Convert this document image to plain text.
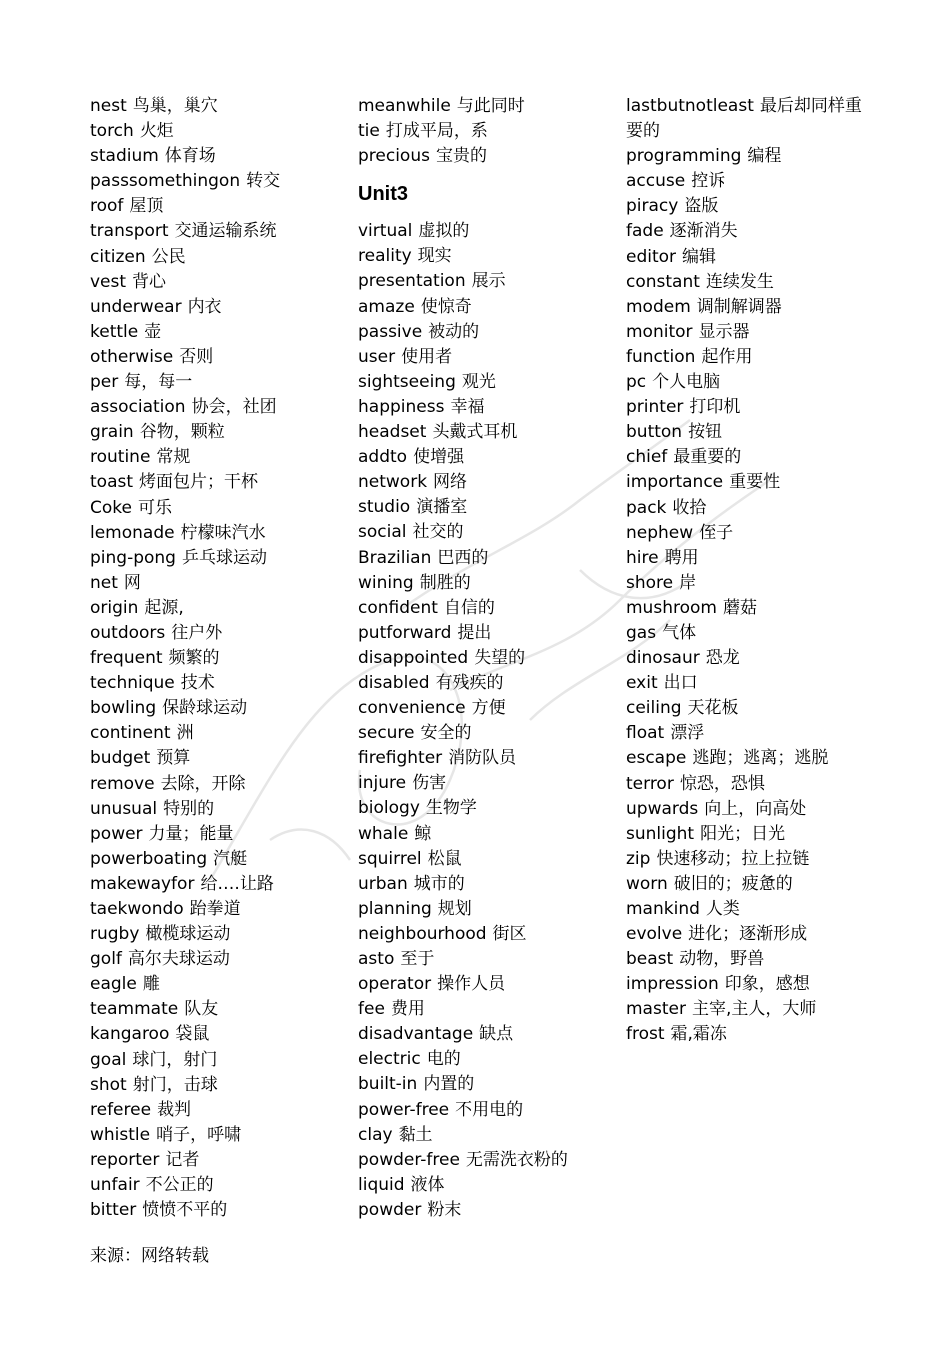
nest 鸟巢，巢穴
torch 火炬
stadium 体育场
passsomethingon 转交
roof 屋顶
transport 交通运输系统
citizen 公民
vest 背心
underwear 内衣
kettle 壶
otherwise 否则
per 每，每一
association 协会，社团
grain 谷物，颗粒
routine 常规
toast 烤面包片；干杯
Coke 可乐
lemonade 柠檬味汽水
ping-pong 乒乓球运动
net 网
origin 起源,
outdoors 往户外
frequent 频繁的
technique 技术
bowling 保龄球运动
continent 洲
budget 预算
remove 去除，开除
unusual 特别的
power 力量；能量
powerboating 汽艇
makewayfor 给….让路
taekwondo 跆拳道
rugby 橄榄球运动
golf 高尔夫球运动
eagle 雕
teammate 队友
kangaroo 袋鼠
goal 球门，射门
shot 射门，击球
referee 裁判
whistle 哨子，呼啸
reporter 记者
unfair 不公正的
bitter 愤愤不平的
meanwhile 与此同时
tie 打成平局，系
precious 宝贵的
Unit3
virtual 虚拟的
reality 现实
presentation 展示
amaze 使惊奇
passive 被动的
user 使用者
sightseeing 观光
happiness 幸福
headset 头戴式耳机
addto 使增强
network 网络
studio 演播室
social 社交的
Brazilian 巴西的
wining 制胜的
confident 自信的
putforward 提出
disappointed 失望的
disabled 有残疾的
convenience 方便
secure 安全的
firefighter 消防队员
injure 伤害
biology 生物学
whale 鲸
squirrel 松鼠
urban 城市的
planning 规划
neighbourhood 街区
asto 至于
operator 操作人员
fee 费用
disadvantage 缺点
electric 电的
built-in 内置的
power-free 不用电的
clay 黏土
powder-free 无需洗衣粉的
liquid 液体
powder 粉末
lastbutnotleast 最后却同样重要的
programming 编程
accuse 控诉
piracy 盗版
fade 逐渐消失
editor 编辑
constant 连续发生
modem 调制解调器
monitor 显示器
function 起作用
pc 个人电脑
printer 打印机
button 按钮
chief 最重要的
importance 重要性
pack 收拾
nephew 侄子
hire 聘用
shore 岸
mushroom 蘑菇
gas 气体
dinosaur 恐龙
exit 出口
ceiling 天花板
float 漂浮
escape 逃跑；逃离；逃脱
terror 惊恐，恐惧
upwards 向上，向高处
sunlight 阳光；日光
zip 快速移动；拉上拉链
worn 破旧的；疲惫的
mankind 人类
evolve 进化；逐渐形成
beast 动物，野兽
impression 印象，感想
master 主宰,主人，大师
frost 霜,霜冻
来源：网络转载
